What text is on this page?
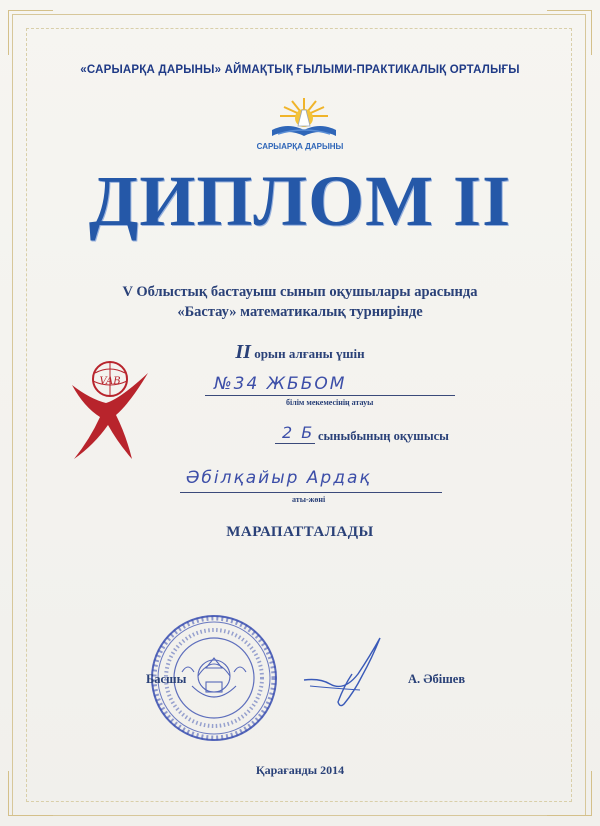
«САРЫАРҚА ДАРЫНЫ» АЙМАҚТЫҚ ҒЫЛЫМИ-ПРАКТИКАЛЫҚ ОРТАЛЫҒЫ
САРЫАРҚА ДАРЫНЫ
ДИПЛОМ II
V Облыстық бастауыш сынып оқушылары арасында
«Бастау» математикалық турнирінде
II орын алғаны үшін
VAB	№34 ЖББОМ
білім мекемесінің атауы
2 Б сыныбының оқушысы
Әбілқайыр Ардақ
аты-жөні
МАРАПАТТАЛАДЫ
Басшы	А. Әбішев
Қарағанды 2014
